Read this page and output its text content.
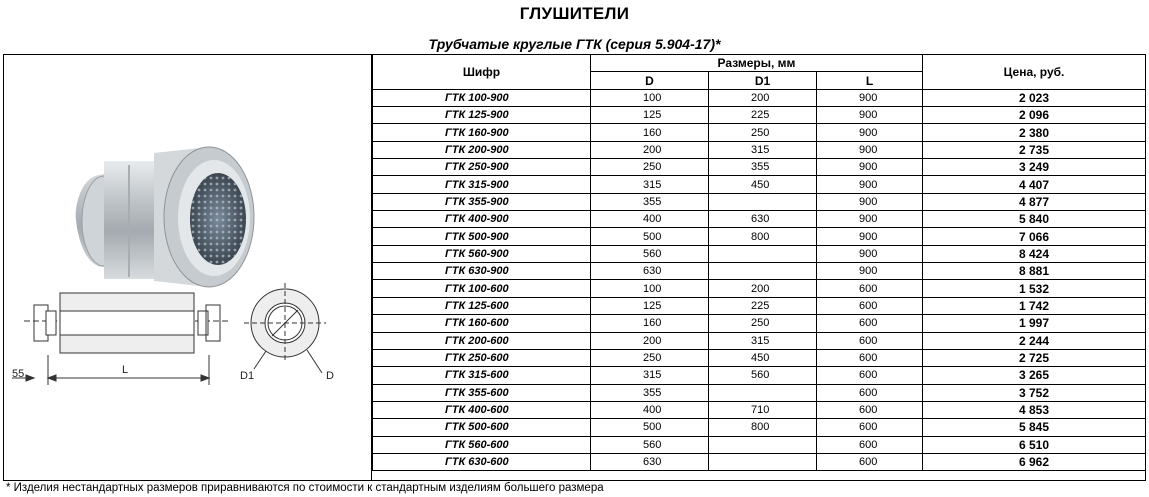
ГЛУШИТЕЛИ
Трубчатые круглые ГТК (серия 5.904-17)*
55	L	D1	D
Шифр	Размеры, мм			Цена, руб.
	D	D1	L	
ГТК 100-900	100	200	900	2 023
ГТК 125-900	125	225	900	2 096
ГТК 160-900	160	250	900	2 380
ГТК 200-900	200	315	900	2 735
ГТК 250-900	250	355	900	3 249
ГТК 315-900	315	450	900	4 407
ГТК 355-900	355		900	4 877
ГТК 400-900	400	630	900	5 840
ГТК 500-900	500	800	900	7 066
ГТК 560-900	560		900	8 424
ГТК 630-900	630		900	8 881
ГТК 100-600	100	200	600	1 532
ГТК 125-600	125	225	600	1 742
ГТК 160-600	160	250	600	1 997
ГТК 200-600	200	315	600	2 244
ГТК 250-600	250	450	600	2 725
ГТК 315-600	315	560	600	3 265
ГТК 355-600	355		600	3 752
ГТК 400-600	400	710	600	4 853
ГТК 500-600	500	800	600	5 845
ГТК 560-600	560		600	6 510
ГТК 630-600	630		600	6 962
* Изделия нестандартных размеров приравниваются по стоимости к стандартным изделиям большего размера
